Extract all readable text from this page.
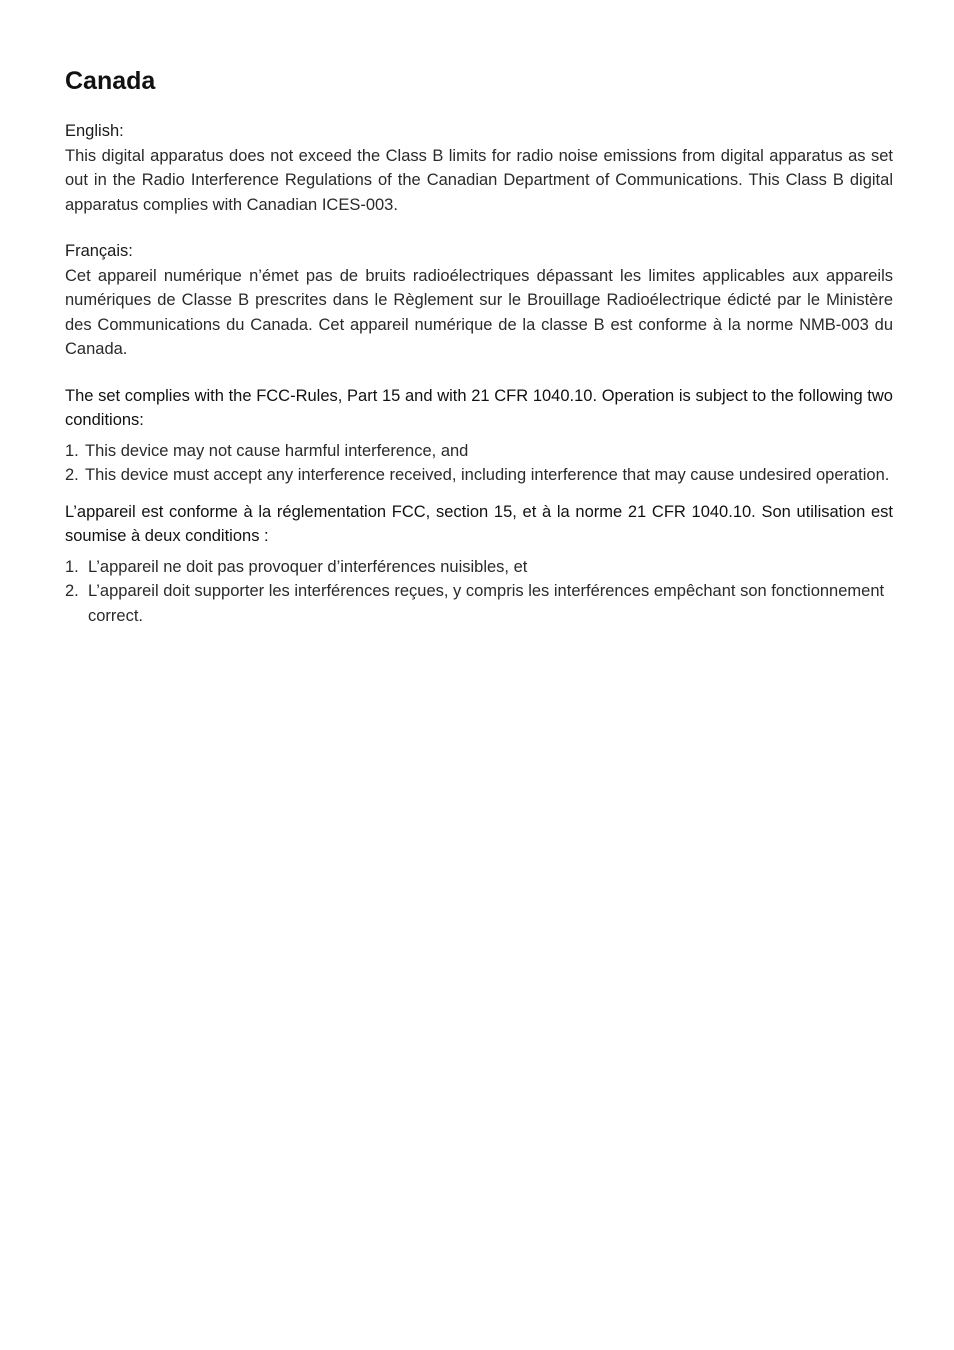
Canada
English:

This digital apparatus does not exceed the Class B limits for radio noise emissions from digital apparatus as set out in the Radio Interference Regulations of the Canadian Department of Communications. This Class B digital apparatus complies with Canadian ICES-003.

Français:

Cet appareil numérique n’émet pas de bruits radioélectriques dépassant les limites applicables aux appareils numériques de Classe B prescrites dans le Règlement sur le Brouillage Radioélectrique édicté par le Ministère des Communications du Canada. Cet appareil numérique de la classe B est conforme à la norme NMB-003 du Canada.

The set complies with the FCC-Rules, Part 15 and with 21 CFR 1040.10. Operation is subject to the following two conditions:

1. This device may not cause harmful interference, and
2. This device must accept any interference received, including interference that may cause undesired operation.

L’appareil est conforme à la réglementation FCC, section 15, et à la norme 21 CFR 1040.10. Son utilisation est soumise à deux conditions :

1. L’appareil ne doit pas provoquer d’interférences nuisibles, et
2. L’appareil doit supporter les interférences reçues, y compris les interférences empêchant son fonctionnement correct.
